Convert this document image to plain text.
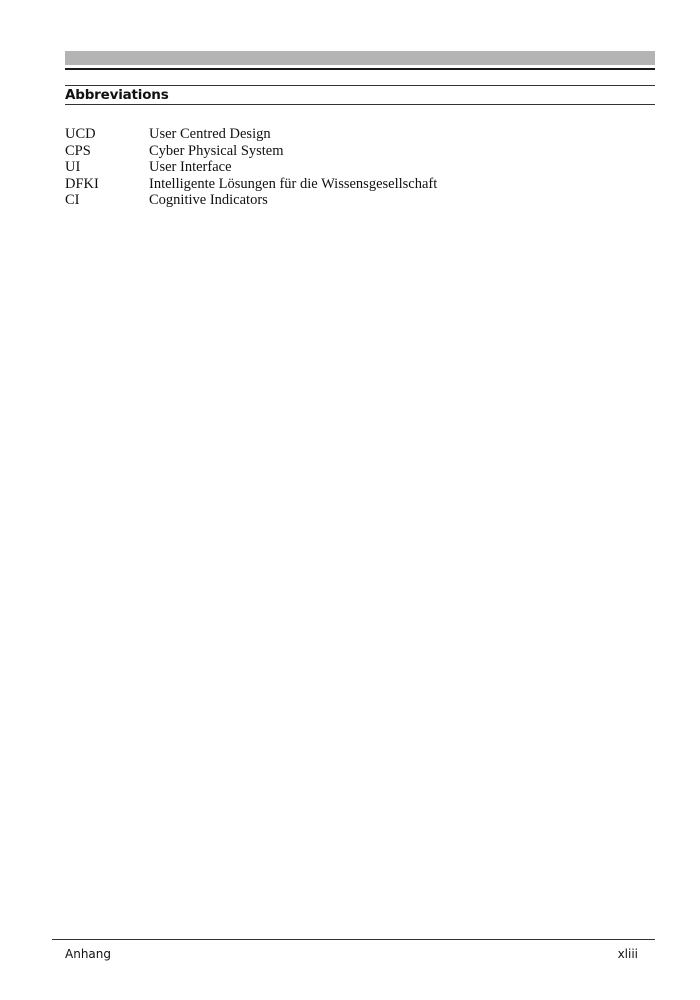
Abbreviations
UCD	User Centred Design
CPS	Cyber Physical System
UI	User Interface
DFKI	Intelligente Lösungen für die Wissensgesellschaft
CI	Cognitive Indicators
Anhang	xliii
